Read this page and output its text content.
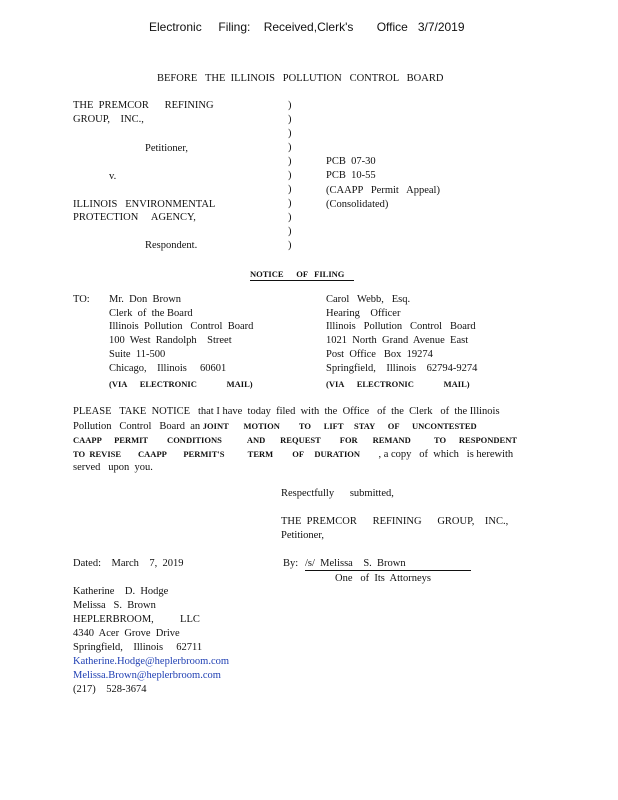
Electronic     Filing:    Received,Clerk's       Office   3/7/2019
BEFORE   THE  ILLINOIS   POLLUTION   CONTROL   BOARD
THE  PREMCOR      REFINING
GROUP,    INC.,
Petitioner,
v.
ILLINOIS   ENVIRONMENTAL
PROTECTION     AGENCY,
Respondent.
)
)
)
)
)
)
)
)
)
)
)
PCB  07-30
PCB  10-55
(CAAPP   Permit   Appeal)
(Consolidated)
NOTICE      OF   FILING
TO: Mr.  Don  Brown
Clerk  of  the Board
Illinois  Pollution   Control  Board
100  West  Randolph    Street
Suite  11-500
Chicago,    Illinois     60601
(VIA      ELECTRONIC              MAIL)
Carol   Webb,   Esq.
Hearing    Officer
Illinois   Pollution   Control   Board
1021  North  Grand  Avenue  East
Post  Office   Box  19274
Springfield,    Illinois    62794-9274
(VIA      ELECTRONIC              MAIL)
PLEASE   TAKE  NOTICE   that I have  today  filed  with  the  Office   of  the  Clerk   of  the Illinois
Pollution   Control   Board  an JOINT       MOTION         TO      LIFT     STAY      OF      UNCONTESTED
CAAPP      PERMIT         CONDITIONS            AND       REQUEST         FOR       REMAND           TO      RESPONDENT
TO  REVISE        CAAPP        PERMIT'S           TERM         OF     DURATION , a copy   of  which   is herewith
served   upon  you.
Respectfully      submitted,
THE  PREMCOR      REFINING      GROUP,    INC.,
Petitioner,
Dated:    March    7,  2019	By: /s/  Melissa    S.  Brown
One   of  Its  Attorneys
Katherine    D.  Hodge
Melissa   S.  Brown
HEPLERBROOM,          LLC
4340  Acer  Grove  Drive
Springfield,    Illinois     62711
Katherine.Hodge@heplerbroom.com
Melissa.Brown@heplerbroom.com
(217)    528-3674
